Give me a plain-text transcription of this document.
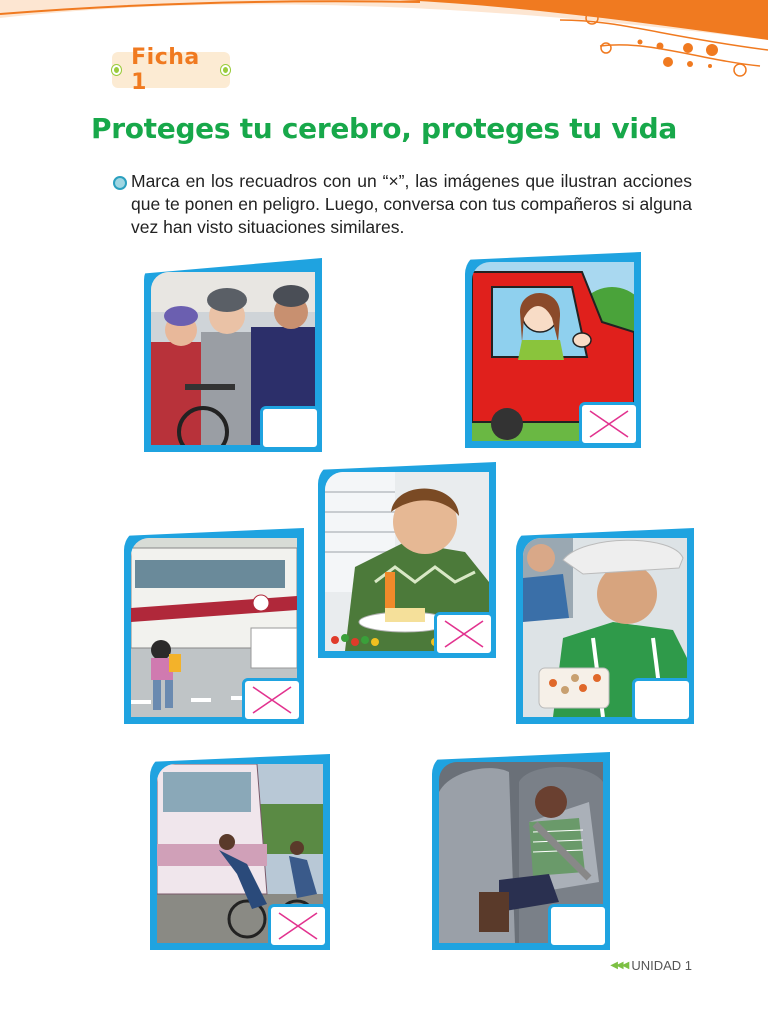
Ficha 1
Proteges tu cerebro, proteges tu vida
Marca en los recuadros con un “×”, las imágenes que ilustran acciones que te ponen en peligro. Luego, conversa con tus compañeros si alguna vez han visto situaciones similares.
◀◀◀ UNIDAD 1
